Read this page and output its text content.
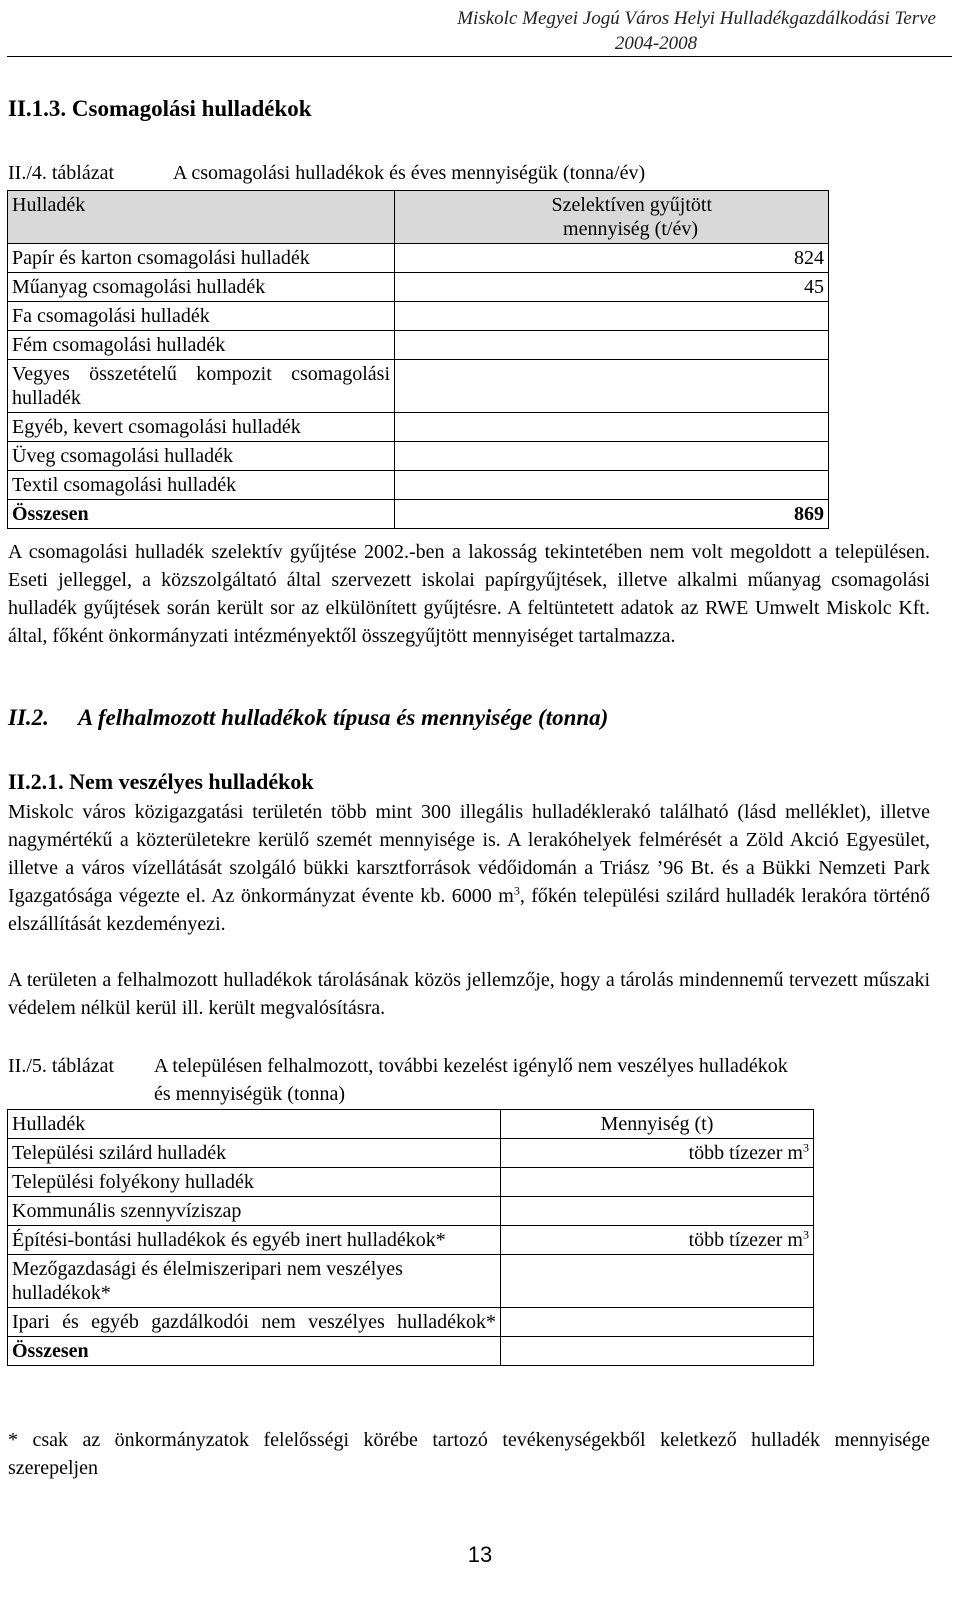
Miskolc Megyei Jogú Város Helyi Hulladékgazdálkodási Terve
2004-2008
II.1.3. Csomagolási hulladékok
II./4. táblázat	A csomagolási hulladékok és éves mennyiségük (tonna/év)
Hulladék	Szelektíven gyűjtött
mennyiség (t/év)

Papír és karton csomagolási hulladék	824
Műanyag csomagolási hulladék	45
Fa csomagolási hulladék	
Fém csomagolási hulladék	
Vegyes összetételű kompozit csomagolási hulladék	
Egyéb, kevert csomagolási hulladék	
Üveg csomagolási hulladék	
Textil csomagolási hulladék	
Összesen	869

A csomagolási hulladék szelektív gyűjtése 2002.-ben a lakosság tekintetében nem volt megoldott a településen. Eseti jelleggel, a közszolgáltató által szervezett iskolai papírgyűjtések, illetve alkalmi műanyag csomagolási hulladék gyűjtések során került sor az elkülönített gyűjtésre. A feltüntetett adatok az RWE Umwelt Miskolc Kft. által, főként önkormányzati intézményektől összegyűjtött mennyiséget tartalmazza.

II.2. A felhalmozott hulladékok típusa és mennyisége (tonna)
II.2.1. Nem veszélyes hulladékok

Miskolc város közigazgatási területén több mint 300 illegális hulladéklerakó található (lásd melléklet), illetve nagymértékű a közterületekre kerülő szemét mennyisége is. A lerakóhelyek felmérését a Zöld Akció Egyesület, illetve a város vízellátását szolgáló bükki karsztforrások védőidomán a Triász ’96 Bt. és a Bükki Nemzeti Park Igazgatósága végezte el. Az önkormányzat évente kb. 6000 $m^3$, főkén települési szilárd hulladék lerakóra történő elszállítását kezdeményezi.

A területen a felhalmozott hulladékok tárolásának közös jellemzője, hogy a tárolás mindennemű tervezett műszaki védelem nélkül kerül ill. került megvalósításra.

II./5. táblázat A településen felhalmozott, további kezelést igénylő nem veszélyes hulladékok
és mennyiségük (tonna)
Hulladék	Mennyiség (t)
Települési szilárd hulladék	több tízezer $m^3$
Települési folyékony hulladék	
Kommunális szennyvíziszap	
Építési-bontási hulladékok és egyéb inert hulladékok*	több tízezer $m^3$
Mezőgazdasági és élelmiszeripari nem veszélyes hulladékok*	
Ipari és egyéb gazdálkodói nem veszélyes hulladékok*	
Összesen	
* csak az önkormányzatok felelősségi körébe tartozó tevékenységekből keletkező hulladék mennyisége szerepeljen
13
